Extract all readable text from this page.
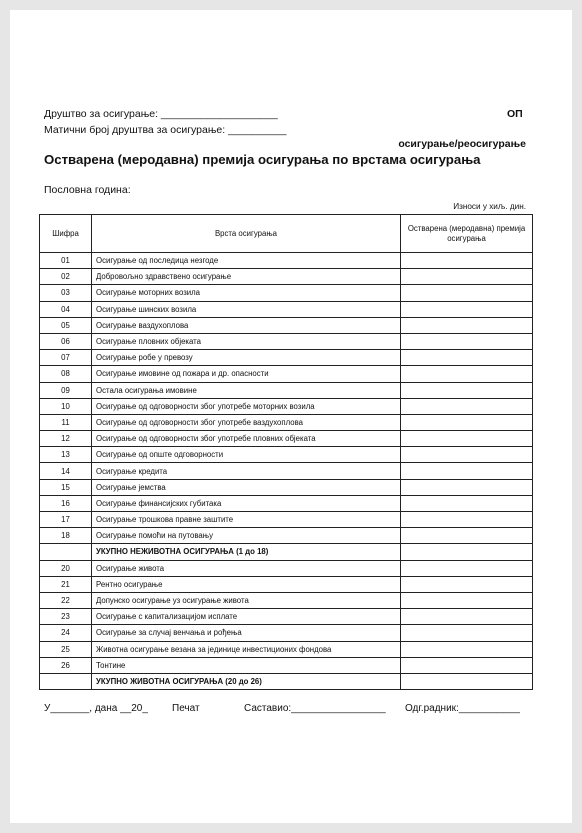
Друштво за осигурање: ____________________
Матични број друштва за осигурање: __________
ОП
осигурање/реосигурање
Остварена (меродавна) премија осигурања по врстама осигурања
Пословна година:
Износи у хиљ. дин.
Шифра	Врста осигурања	Остварена (меродавна) премија осигурања
01	Осигурање од последица незгоде	
02	Добровољно здравствено осигурање	
03	Осигурање моторних возила	
04	Осигурање шинских возила	
05	Осигурање ваздухоплова	
06	Осигурање пловних објеката	
07	Осигурање робе у превозу	
08	Осигурање имовине од пожара и др. опасности	
09	Остала осигурања имовине	
10	Осигурање од одговорности због употребе моторних возила	
11	Осигурање од одговорности због употребе ваздухоплова	
12	Осигурање од одговорности због употребе пловних објеката	
13	Осигурање од опште одговорности	
14	Осигурање кредита	
15	Осигурање јемства	
16	Осигурање финансијских губитака	
17	Осигурање трошкова правне заштите	
18	Осигурање помоћи на путовању	
	УКУПНО НЕЖИВОТНА ОСИГУРАЊА (1 до 18)	
20	Осигурање живота	
21	Рентно осигурање	
22	Допунско осигурање уз осигурање живота	
23	Осигурање с капитализацијом исплате	
24	Осигурање за случај венчања и рођења	
25	Животна осигурање везана за јединице инвестиционих фондова	
26	Тонтине	
	УКУПНО ЖИВОТНА ОСИГУРАЊА (20 до 26)	
У_______, дана __20_ Печат	Саставио:_________________ Одг.радник:___________
